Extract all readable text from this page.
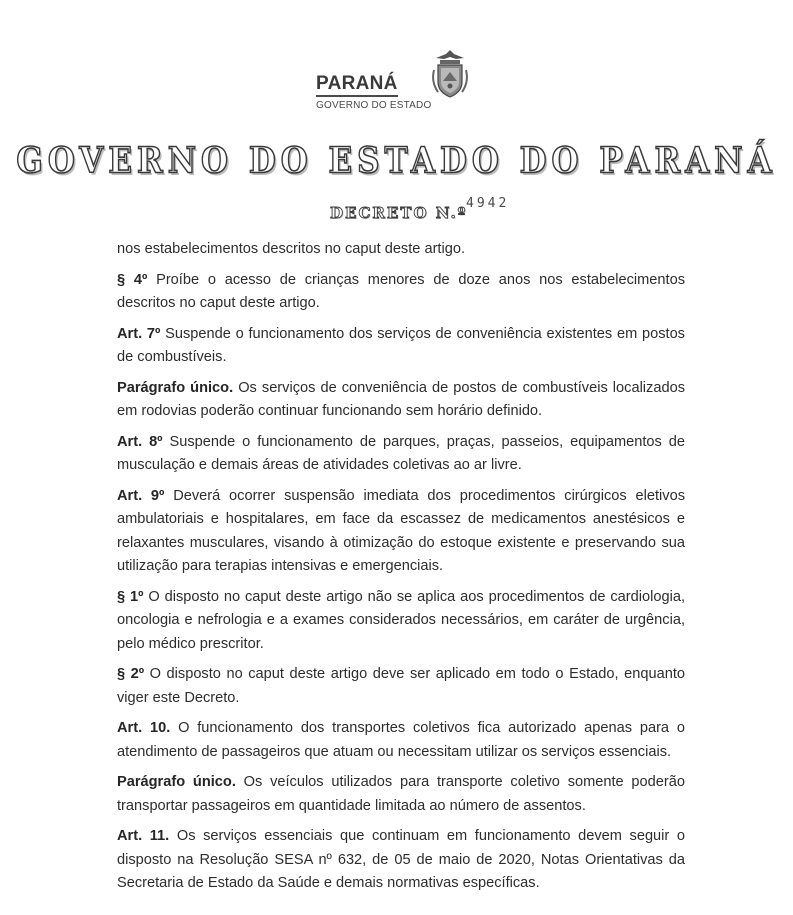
PARANÁ
GOVERNO DO ESTADO
GOVERNO DO ESTADO DO PARANÁ
DECRETO N.º
4942

nos estabelecimentos descritos no caput deste artigo.

§ 4º Proíbe o acesso de crianças menores de doze anos nos estabelecimentos descritos no caput deste artigo.

Art. 7º Suspende o funcionamento dos serviços de conveniência existentes em postos de combustíveis.

Parágrafo único. Os serviços de conveniência de postos de combustíveis localizados em rodovias poderão continuar funcionando sem horário definido.

Art. 8º Suspende o funcionamento de parques, praças, passeios, equipamentos de musculação e demais áreas de atividades coletivas ao ar livre.

Art. 9º Deverá ocorrer suspensão imediata dos procedimentos cirúrgicos eletivos ambulatoriais e hospitalares, em face da escassez de medicamentos anestésicos e relaxantes musculares, visando à otimização do estoque existente e preservando sua utilização para terapias intensivas e emergenciais.

§ 1º O disposto no caput deste artigo não se aplica aos procedimentos de cardiologia, oncologia e nefrologia e a exames considerados necessários, em caráter de urgência, pelo médico prescritor.

§ 2º O disposto no caput deste artigo deve ser aplicado em todo o Estado, enquanto viger este Decreto.

Art. 10. O funcionamento dos transportes coletivos fica autorizado apenas para o atendimento de passageiros que atuam ou necessitam utilizar os serviços essenciais.

Parágrafo único. Os veículos utilizados para transporte coletivo somente poderão transportar passageiros em quantidade limitada ao número de assentos.

Art. 11. Os serviços essenciais que continuam em funcionamento devem seguir o disposto na Resolução SESA nº 632, de 05 de maio de 2020, Notas Orientativas da Secretaria de Estado da Saúde e demais normativas específicas.
